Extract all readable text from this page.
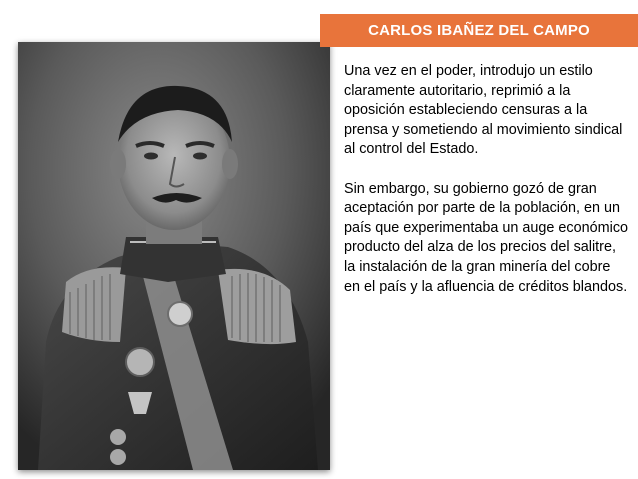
CARLOS IBAÑEZ DEL CAMPO

Una vez en el poder, introdujo un estilo claramente autoritario, reprimió a la oposición estableciendo censuras a la prensa y sometiendo al movimiento sindical al control del Estado.

Sin embargo, su gobierno gozó de gran aceptación por parte de la población, en un país que experimentaba un auge económico producto del alza de los precios del salitre, la instalación de la gran minería del cobre en el país y la afluencia de créditos blandos.
